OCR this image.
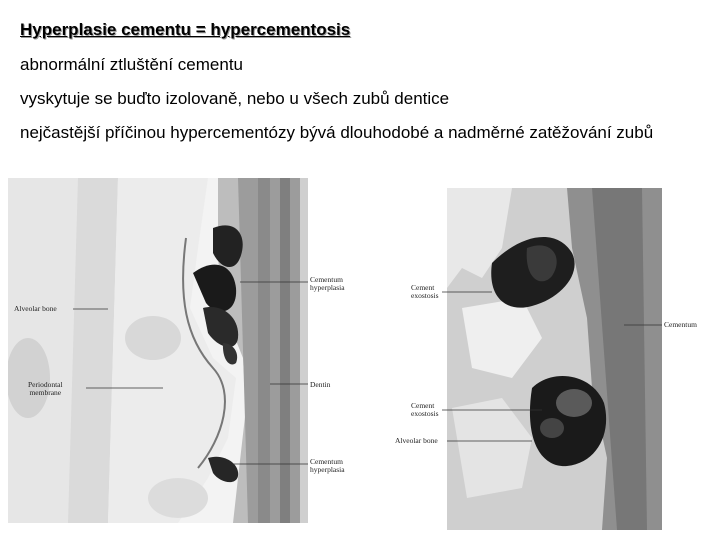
Hyperplasie cementu = hypercementosis
abnormální ztluštění cementu
vyskytuje se buďto izolovaně, nebo u všech zubů dentice
nejčastější příčinou hypercementózy bývá dlouhodobé a nadměrné zatěžování zubů
Alveolar bone
Periodontal
membrane
Cementum
hyperplasia
Dentin
Cementum
hyperplasia
Cement
exostosis
Cementum
Cement
exostosis
Alveolar bone
